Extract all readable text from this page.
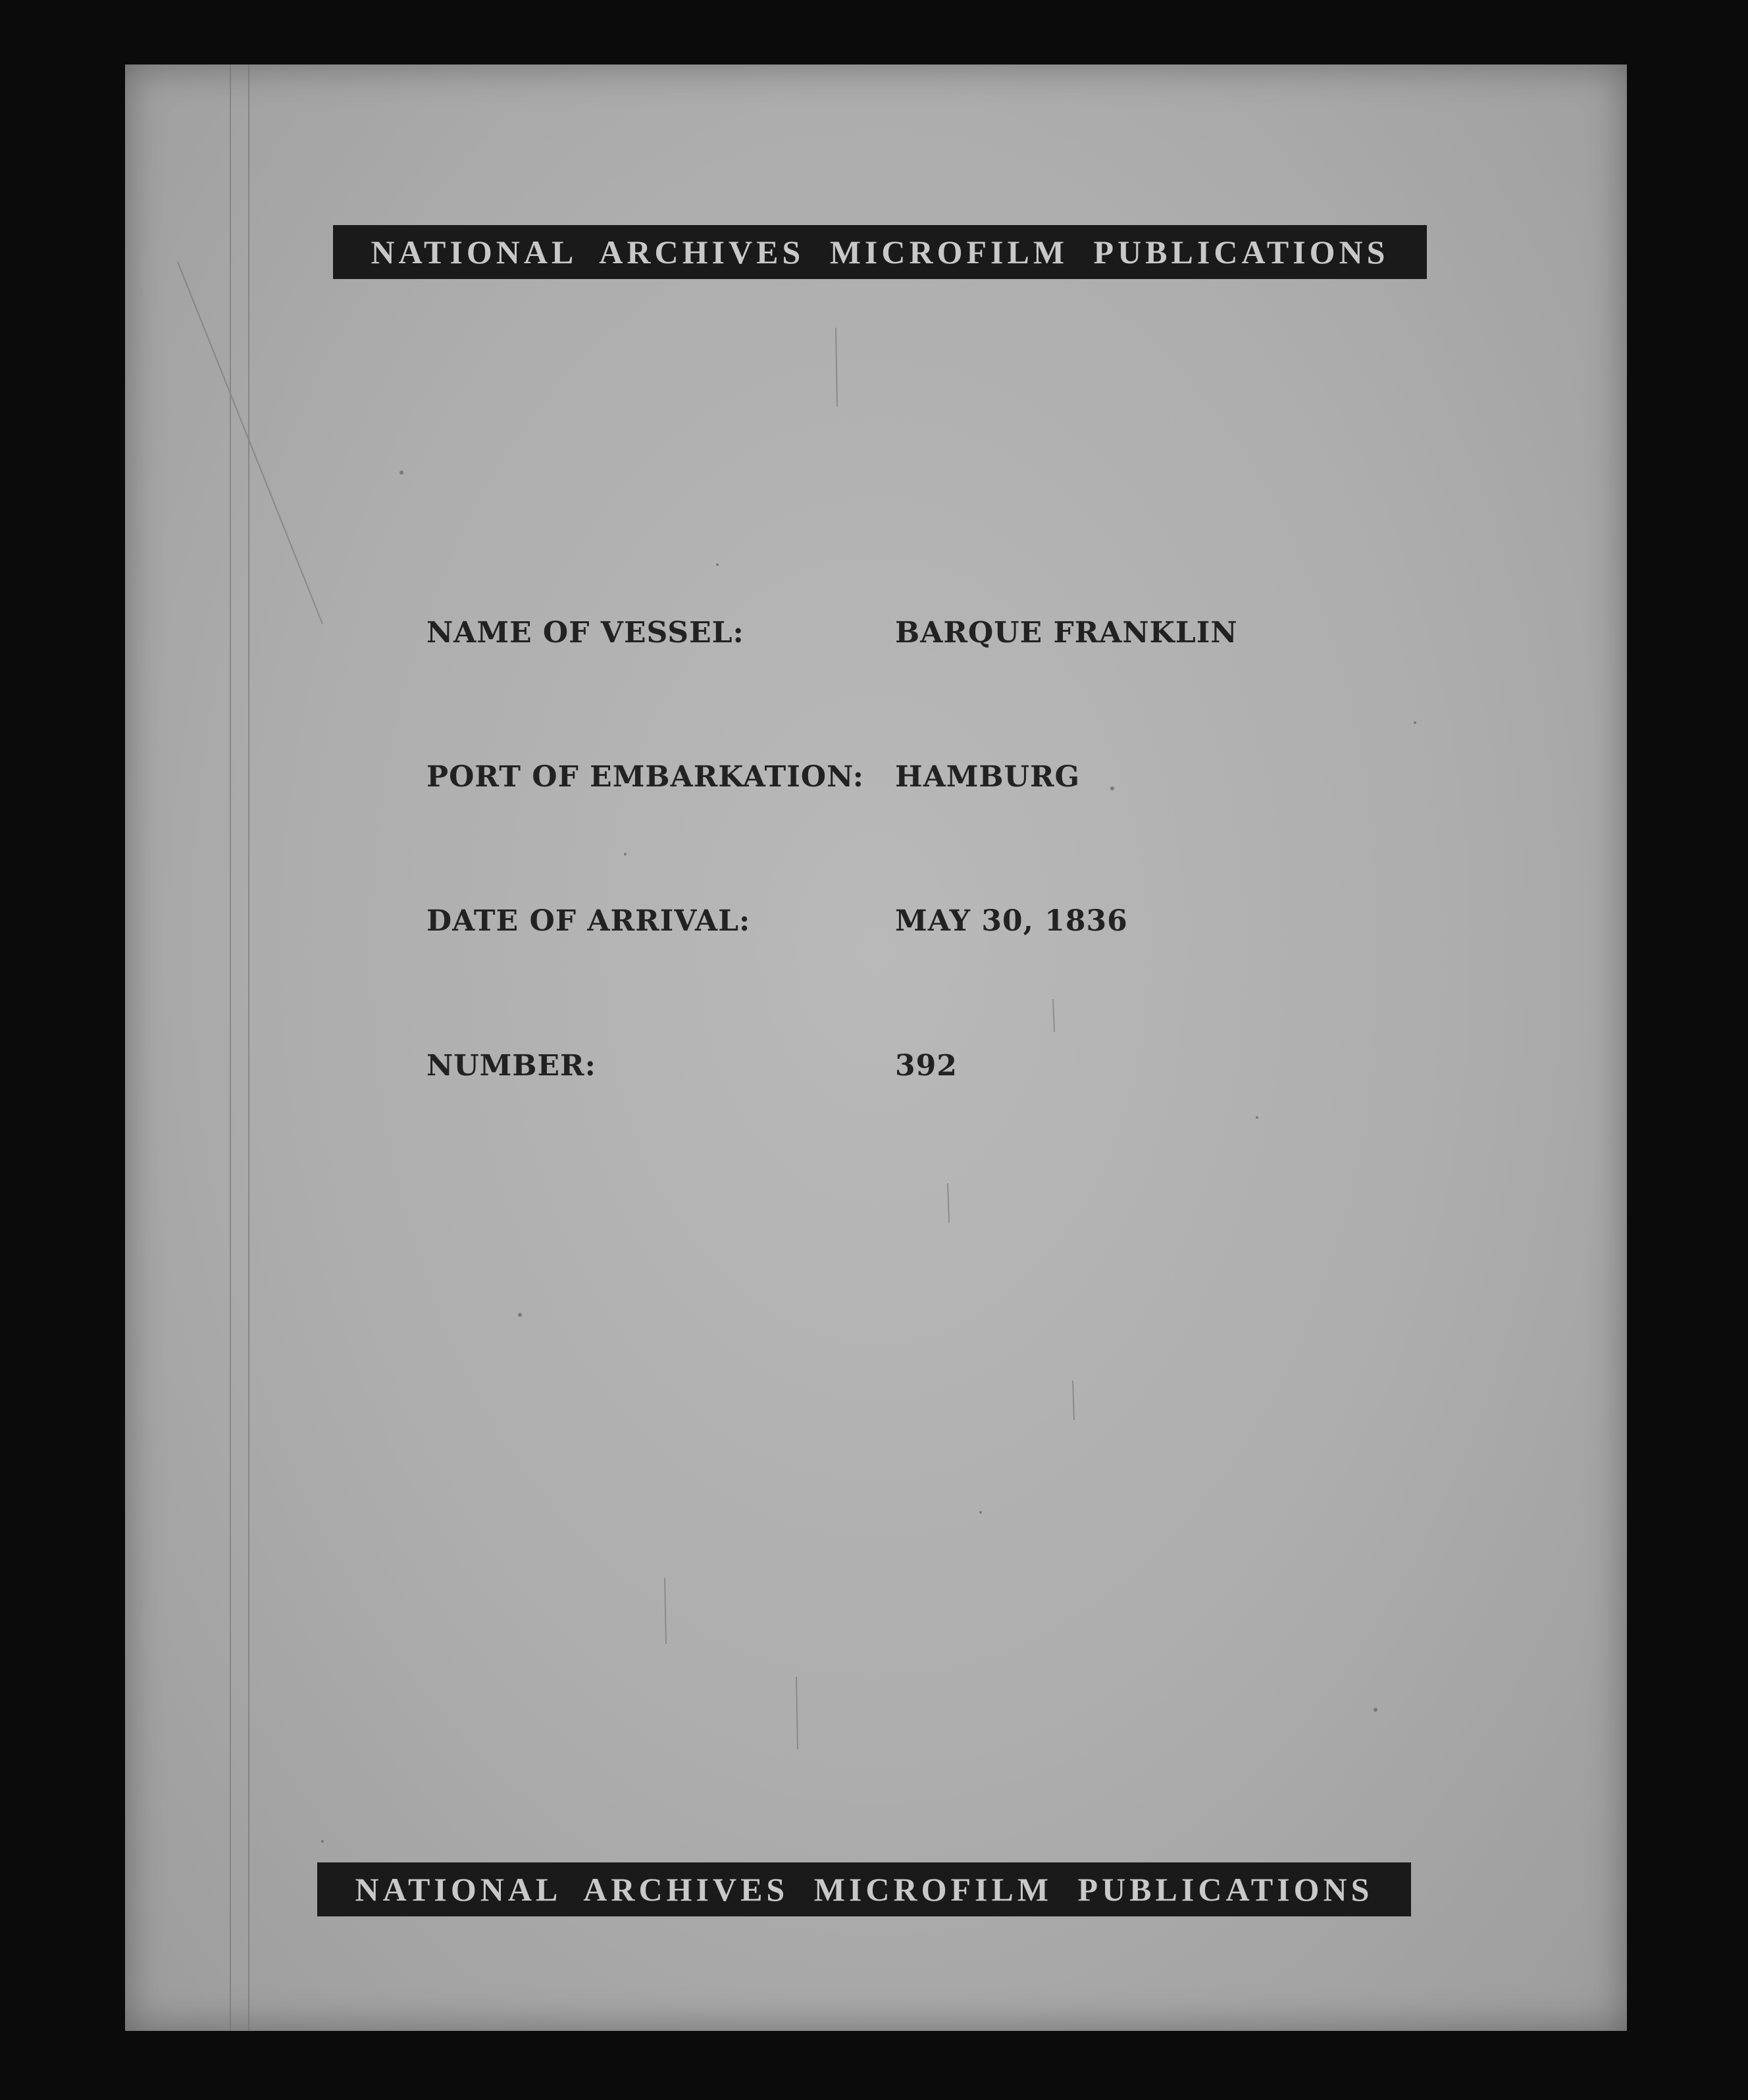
NATIONAL ARCHIVES MICROFILM PUBLICATIONS
NAME OF VESSEL:	BARQUE FRANKLIN
PORT OF EMBARKATION: HAMBURG
DATE OF ARRIVAL:	MAY 30, 1836
NUMBER:	392
NATIONAL ARCHIVES MICROFILM PUBLICATIONS
